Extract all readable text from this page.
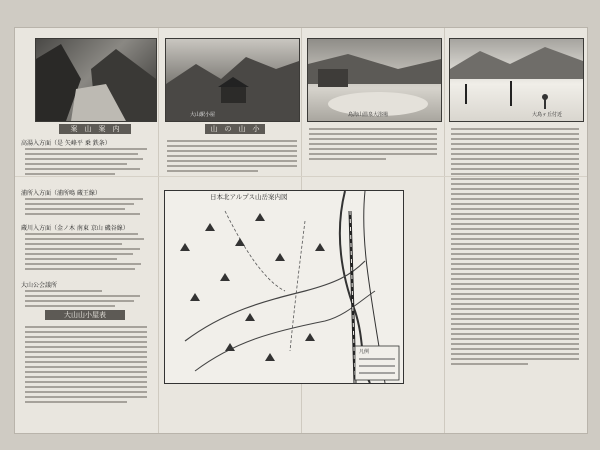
大山駅小屋	鳥海山温泉大浴場	大鳥ヶ丘付近
案　山　案　内	山　の　山　小
高湯入方面（是 矢峰平 乗 鉄条）
浦所入方面（浦所鳴 蔵王線）
蔵川入方面（金ノ木 南東 京山 磯谷線）
大山公会議所
大山山小屋表
凡例
日本北アルプス山岳案内図
